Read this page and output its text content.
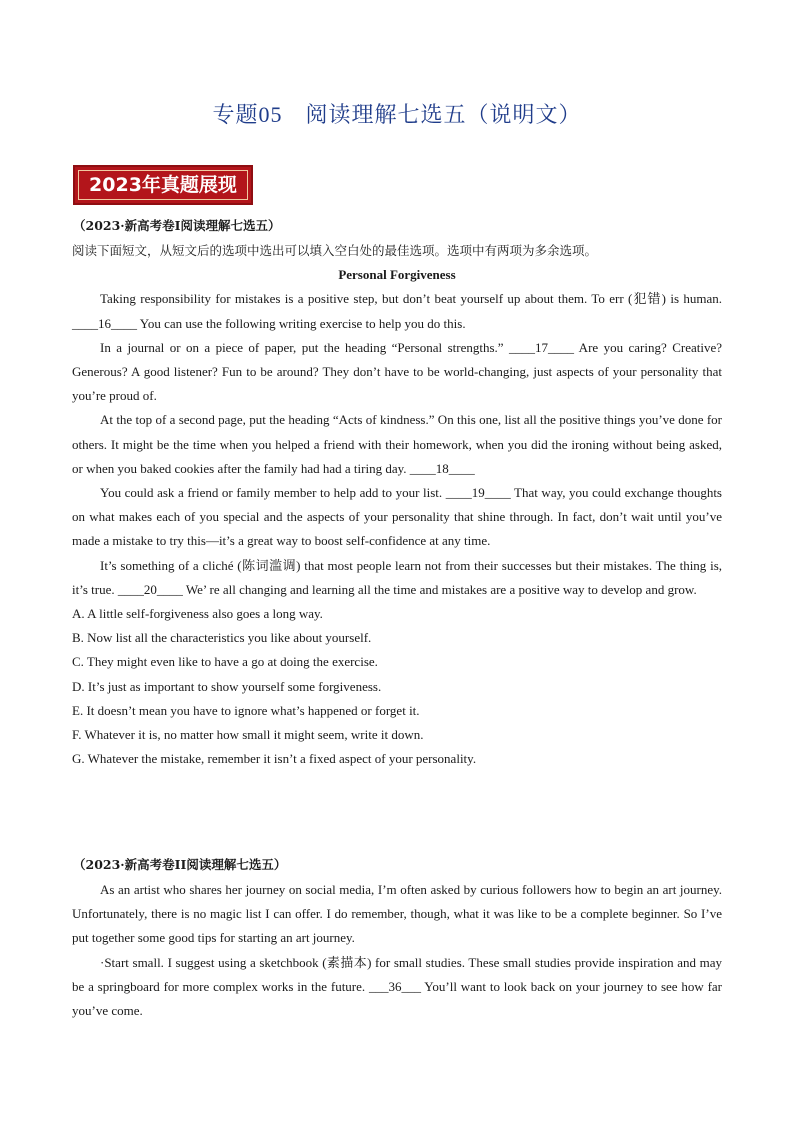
专题05　阅读理解七选五（说明文）
2023年真题展现
（2023·新高考卷I阅读理解七选五）

阅读下面短文，从短文后的选项中选出可以填入空白处的最佳选项。选项中有两项为多余选项。

Personal Forgiveness

Taking responsibility for mistakes is a positive step, but don’t beat yourself up about them. To err (犯错) is human. ____16____ You can use the following writing exercise to help you do this.

In a journal or on a piece of paper, put the heading “Personal strengths.” ____17____ Are you caring? Creative? Generous? A good listener? Fun to be around? They don’t have to be world-changing, just aspects of your personality that you’re proud of.

At the top of a second page, put the heading “Acts of kindness.” On this one, list all the positive things you’ve done for others. It might be the time when you helped a friend with their homework, when you did the ironing without being asked, or when you baked cookies after the family had had a tiring day. ____18____

You could ask a friend or family member to help add to your list. ____19____ That way, you could exchange thoughts on what makes each of you special and the aspects of your personality that shine through. In fact, don’t wait until you’ve made a mistake to try this—it’s a great way to boost self-confidence at any time.

It’s something of a cliché (陈词滥调) that most people learn not from their successes but their mistakes. The thing is, it’s true. ____20____ We’ re all changing and learning all the time and mistakes are a positive way to develop and grow.

A. A little self-forgiveness also goes a long way.

B. Now list all the characteristics you like about yourself.

C. They might even like to have a go at doing the exercise.

D. It’s just as important to show yourself some forgiveness.

E. It doesn’t mean you have to ignore what’s happened or forget it.

F. Whatever it is, no matter how small it might seem, write it down.

G. Whatever the mistake, remember it isn’t a fixed aspect of your personality.

（2023·新高考卷II阅读理解七选五）

As an artist who shares her journey on social media, I’m often asked by curious followers how to begin an art journey. Unfortunately, there is no magic list I can offer. I do remember, though, what it was like to be a complete beginner. So I’ve put together some good tips for starting an art journey.

·Start small. I suggest using a sketchbook (素描本) for small studies. These small studies provide inspiration and may be a springboard for more complex works in the future. ___36___ You’ll want to look back on your journey to see how far you’ve come.
